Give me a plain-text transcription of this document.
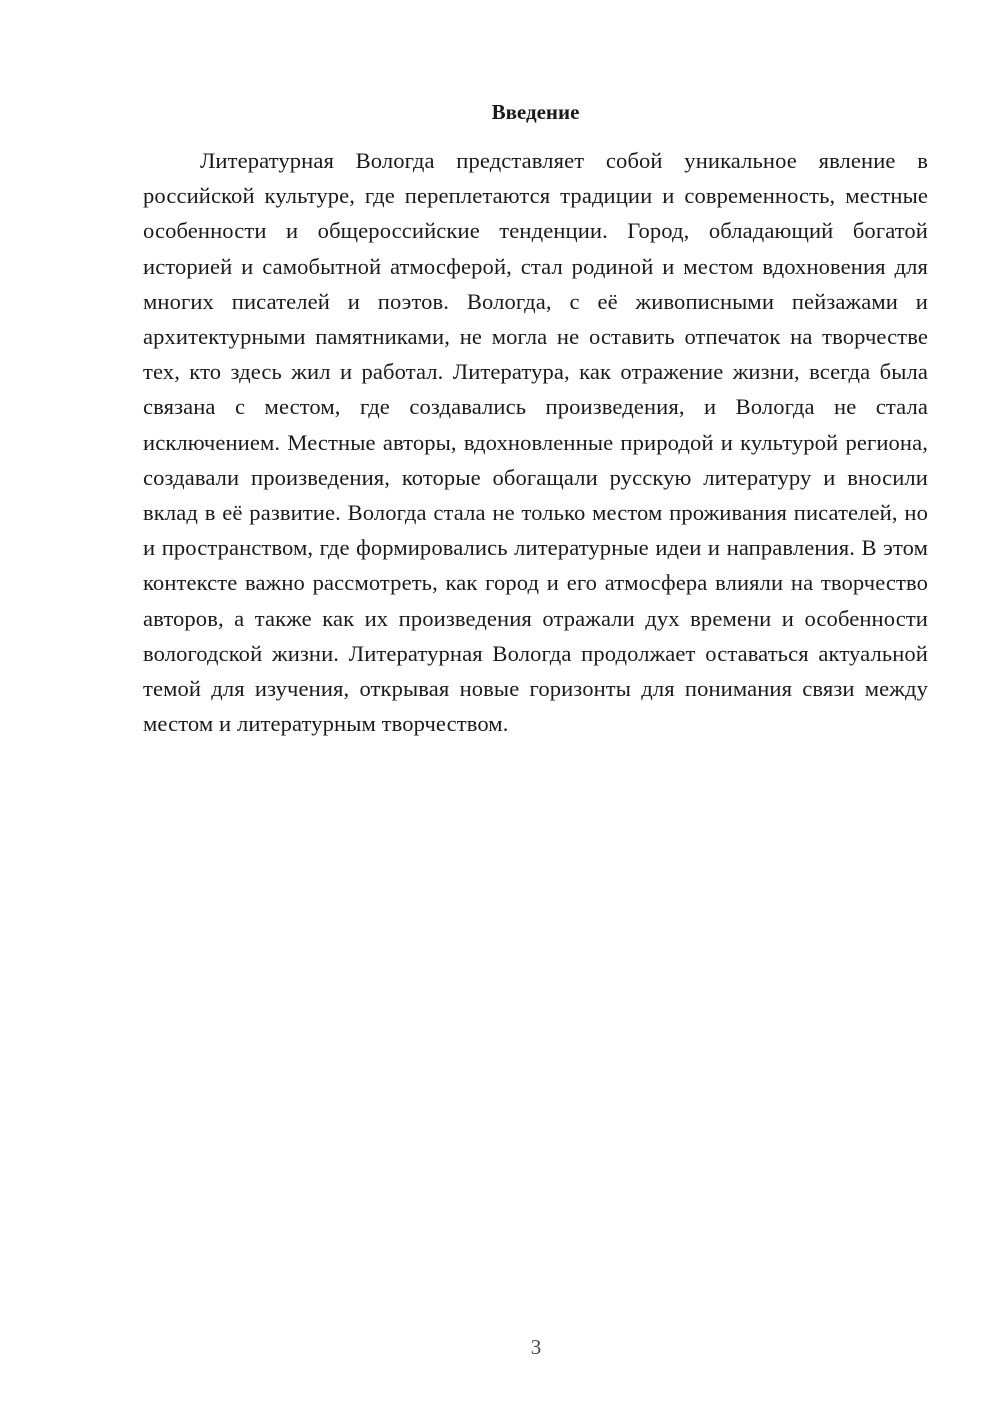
Введение

Литературная Вологда представляет собой уникальное явление в российской культуре, где переплетаются традиции и современность, местные особенности и общероссийские тенденции. Город, обладающий богатой историей и самобытной атмосферой, стал родиной и местом вдохновения для многих писателей и поэтов. Вологда, с её живописными пейзажами и архитектурными памятниками, не могла не оставить отпечаток на творчестве тех, кто здесь жил и работал. Литература, как отражение жизни, всегда была связана с местом, где создавались произведения, и Вологда не стала исключением. Местные авторы, вдохновленные природой и культурой региона, создавали произведения, которые обогащали русскую литературу и вносили вклад в её развитие. Вологда стала не только местом проживания писателей, но и пространством, где формировались литературные идеи и направления. В этом контексте важно рассмотреть, как город и его атмосфера влияли на творчество авторов, а также как их произведения отражали дух времени и особенности вологодской жизни. Литературная Вологда продолжает оставаться актуальной темой для изучения, открывая новые горизонты для понимания связи между местом и литературным творчеством.

3
